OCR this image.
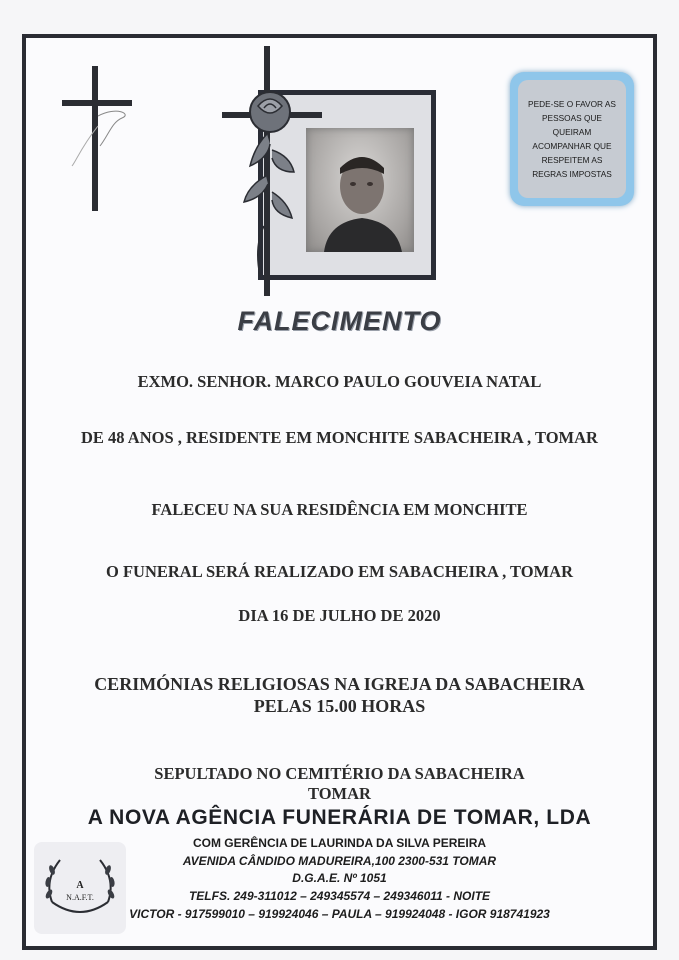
PEDE-SE O FAVOR AS
PESSOAS QUE
QUEIRAM
ACOMPANHAR QUE
RESPEITEM AS
REGRAS IMPOSTAS
FALECIMENTO
EXMO. SENHOR. MARCO PAULO GOUVEIA NATAL
DE 48 ANOS , RESIDENTE EM MONCHITE SABACHEIRA , TOMAR
FALECEU NA SUA RESIDÊNCIA EM MONCHITE
O FUNERAL SERÁ REALIZADO EM SABACHEIRA , TOMAR
DIA 16 DE JULHO DE 2020
CERIMÓNIAS RELIGIOSAS NA IGREJA DA SABACHEIRA
PELAS 15.00 HORAS
SEPULTADO NO CEMITÉRIO DA SABACHEIRA
TOMAR
A NOVA AGÊNCIA FUNERÁRIA DE TOMAR, LDA
COM GERÊNCIA DE LAURINDA DA SILVA PEREIRA
AVENIDA CÂNDIDO MADUREIRA,100 2300-531 TOMAR
D.G.A.E. Nº 1051
TELFS. 249-311012 – 249345574 – 249346011 - NOITE
VICTOR - 917599010 – 919924046 – PAULA – 919924048 - IGOR 918741923
A
N.A.F.T.
